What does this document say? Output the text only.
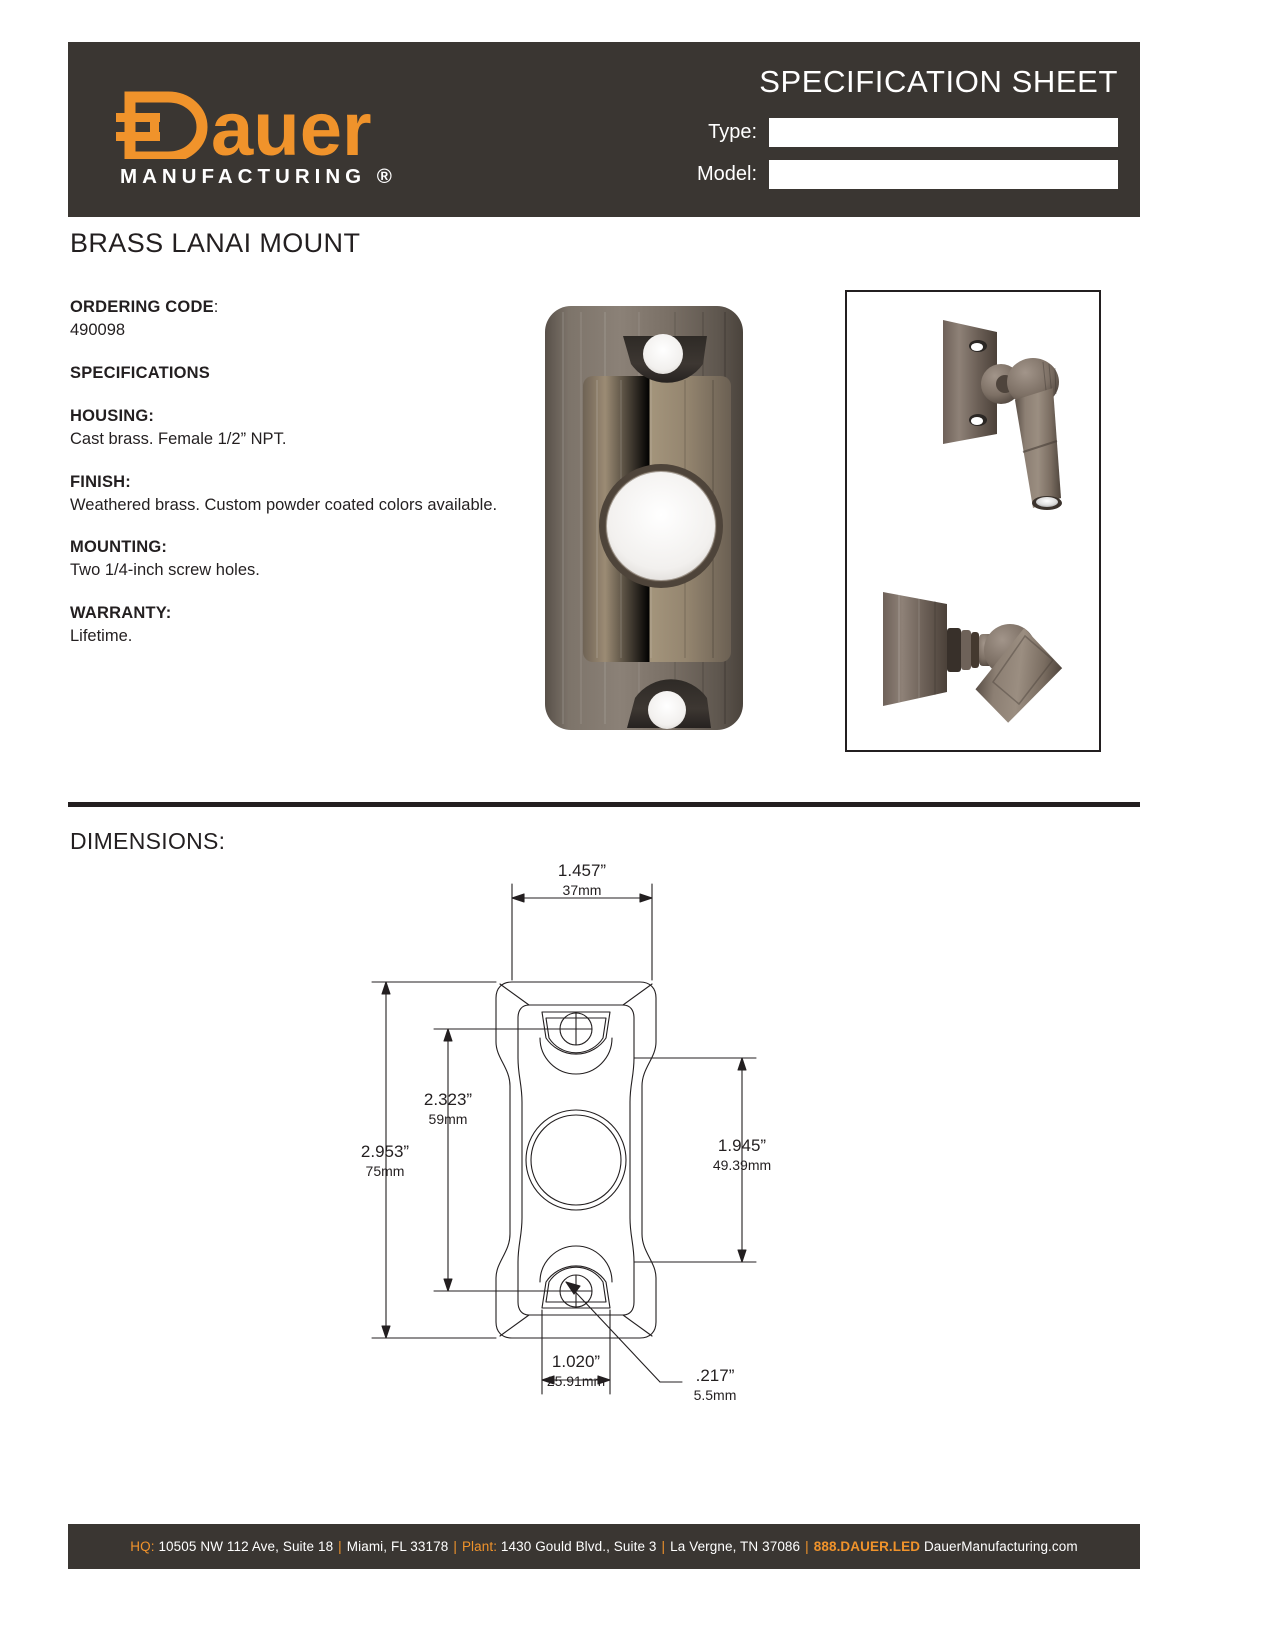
auer
MANUFACTURING ®
SPECIFICATION SHEET
Type:
Model:
BRASS LANAI MOUNT
ORDERING CODE:
490098
SPECIFICATIONS
HOUSING:
Cast brass. Female 1/2” NPT.
FINISH:
Weathered brass. Custom powder coated colors available.
MOUNTING:
Two 1/4-inch screw holes.
WARRANTY:
Lifetime.
DIMENSIONS:
1.457”
37mm
2.953”
75mm
2.323”
59mm
1.945”
49.39mm
1.020”
25.91mm	.217”
5.5mm
HQ: 10505 NW 112 Ave, Suite 18 | Miami, FL 33178 | Plant: 1430 Gould Blvd., Suite 3 | La Vergne, TN 37086 | 888.DAUER.LED DauerManufacturing.com
